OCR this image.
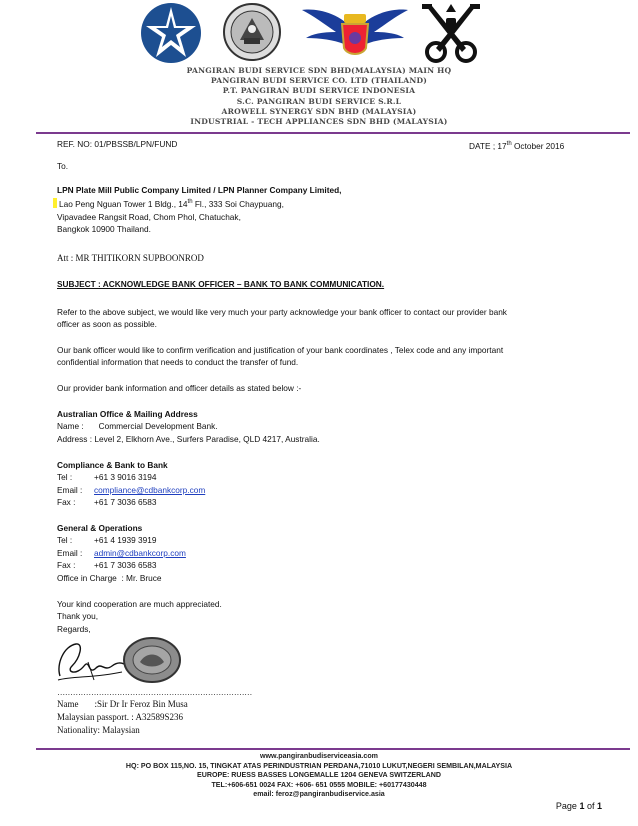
PANGIRAN BUDI SERVICE SDN BHD(MALAYSIA) MAIN HQ
PANGIRAN BUDI SERVICE CO. LTD (THAILAND)
P.T. PANGIRAN BUDI SERVICE INDONESIA
S.C. PANGIRAN BUDI SERVICE S.R.L
AROWELL SYNERGY SDN BHD (MALAYSIA)
INDUSTRIAL - TECH APPLIANCES SDN BHD (MALAYSIA)
REF. NO: 01/PBSSB/LPN/FUND	DATE ; 17th October 2016
To.
LPN Plate Mill Public Company Limited / LPN Planner Company Limited,
Lao Peng Nguan Tower 1 Bldg., 14th Fl., 333 Soi Chaypuang,
Vipavadee Rangsit Road, Chom Phol, Chatuchak,
Bangkok 10900 Thailand.
Att : MR THITIKORN SUPBOONROD
SUBJECT : ACKNOWLEDGE BANK OFFICER – BANK TO BANK COMMUNICATION.
Refer to the above subject, we would like very much your party acknowledge your bank officer to contact our provider bank
officer as soon as possible.
Our bank officer would like to confirm verification and justification of your bank coordinates , Telex code and any important
confidential information that needs to conduct the transfer of fund.
Our provider bank information and officer details as stated below :-
Australian Office & Mailing Address
Name : Commercial Development Bank.
Address : Level 2, Elkhorn Ave., Surfers Paradise, QLD 4217, Australia.
Compliance & Bank to Bank
Tel :	+61 3 9016 3194
Email : compliance@cdbankcorp.com
Fax : +61 7 3036 6583
General & Operations
Tel :	+61 4 1939 3919
Email : admin@cdbankcorp.com
Fax : +61 7 3036 6583
Office in Charge : Mr. Bruce
Your kind cooperation are much appreciated.
Thank you,
Regards,
…………………………………………………………………
Name :Sir Dr Ir Feroz Bin Musa
Malaysian passport. : A32589S236
Nationality: Malaysian
www.pangiranbudiserviceasia.com
HQ: PO BOX 115,NO. 15, TINGKAT ATAS PERINDUSTRIAN PERDANA,71010 LUKUT,NEGERI SEMBILAN,MALAYSIA
EUROPE: RUESS BASSES LONGEMALLE 1204 GENEVA SWITZERLAND
TEL:+606-651 0024 FAX: +606- 651 0555 MOBILE: +60177430448
email: feroz@pangiranbudiservice.asia
Page 1 of 1
